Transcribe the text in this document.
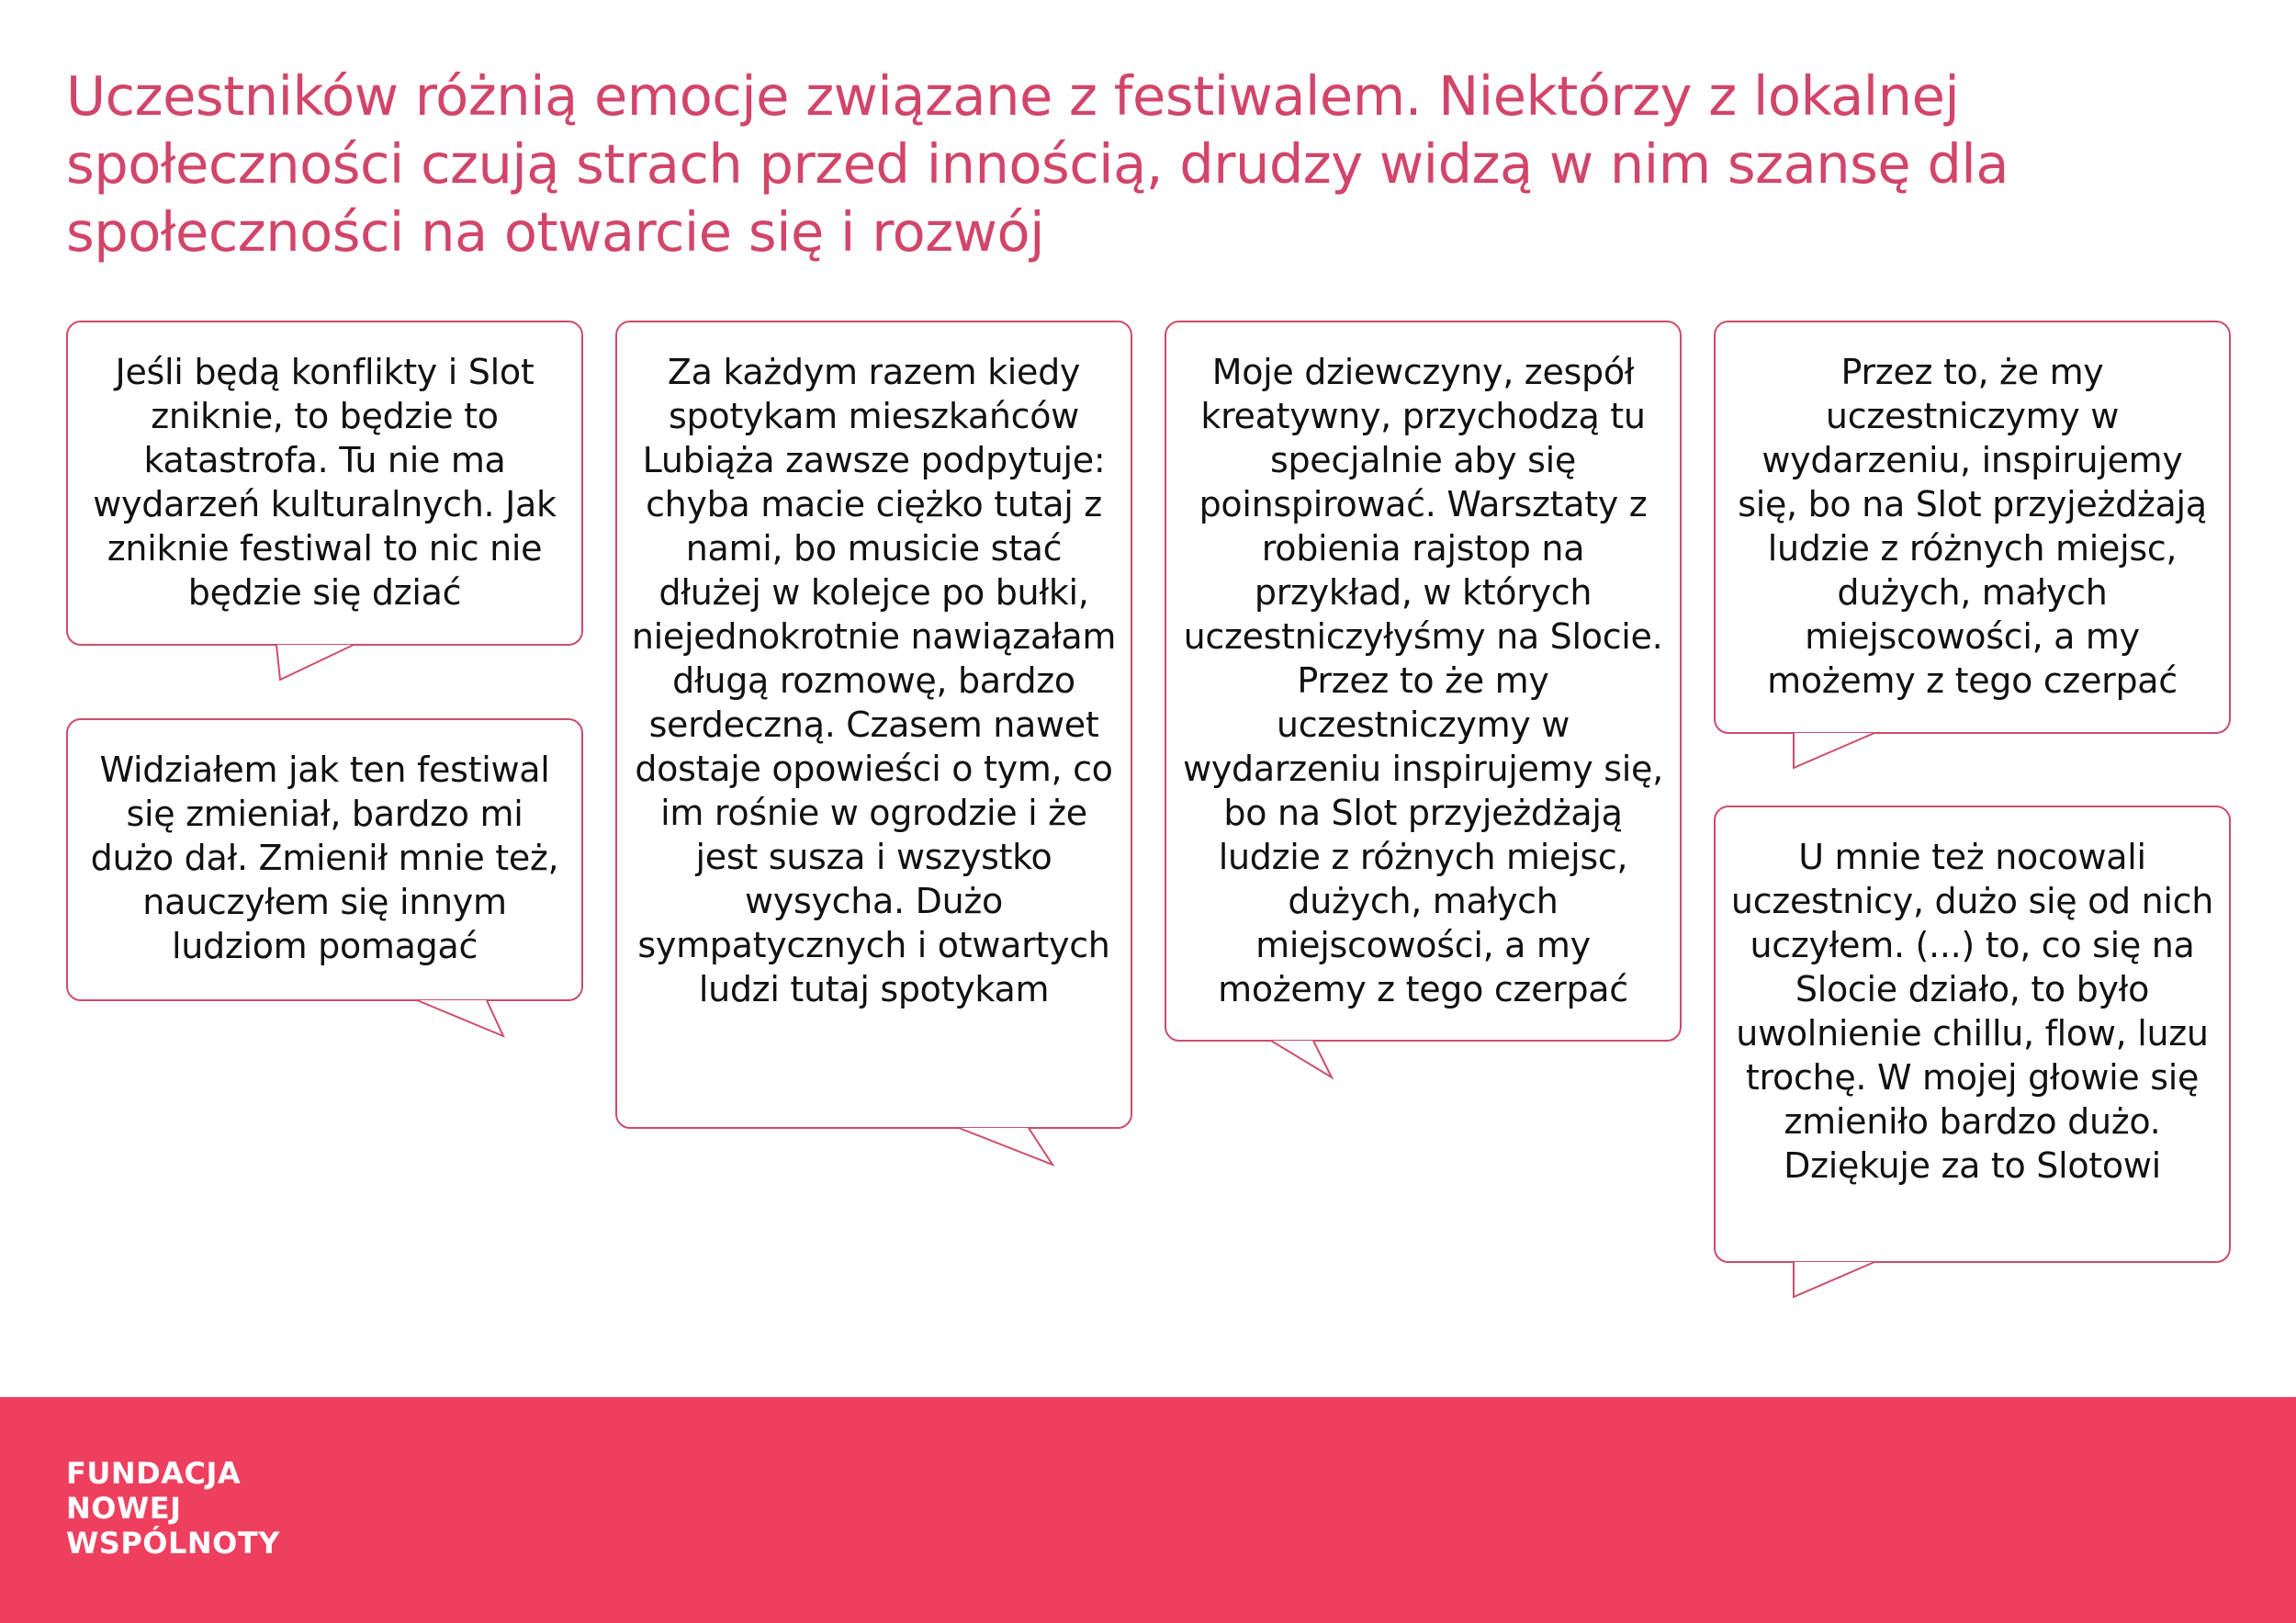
Uczestników różnią emocje związane z festiwalem. Niektórzy z lokalnej społeczności czują strach przed innością, drudzy widzą w nim szansę dla społeczności na otwarcie się i rozwój

Jeśli będą konflikty i Slot zniknie, to będzie to katastrofa. Tu nie ma wydarzeń kulturalnych. Jak zniknie festiwal to nic nie będzie się dziać

Widziałem jak ten festiwal się zmieniał, bardzo mi dużo dał. Zmienił mnie też, nauczyłem się innym ludziom pomagać

Za każdym razem kiedy spotykam mieszkańców Lubiąża zawsze podpytuje: chyba macie ciężko tutaj z nami, bo musicie stać dłużej w kolejce po bułki, niejednokrotnie nawiązałam długą rozmowę, bardzo serdeczną. Czasem nawet dostaje opowieści o tym, co im rośnie w ogrodzie i że jest susza i wszystko wysycha. Dużo sympatycznych i otwartych ludzi tutaj spotykam

Moje dziewczyny, zespół kreatywny, przychodzą tu specjalnie aby się poinspirować. Warsztaty z robienia rajstop na przykład, w których uczestniczyłyśmy na Slocie. Przez to że my uczestniczymy w wydarzeniu inspirujemy się, bo na Slot przyjeżdżają ludzie z różnych miejsc, dużych, małych miejscowości, a my możemy z tego czerpać

Przez to, że my uczestniczymy w wydarzeniu, inspirujemy się, bo na Slot przyjeżdżają ludzie z różnych miejsc, dużych, małych miejscowości, a my możemy z tego czerpać

U mnie też nocowali uczestnicy, dużo się od nich uczyłem. (...) to, co się na Slocie działo, to było uwolnienie chillu, flow, luzu trochę. W mojej głowie się zmieniło bardzo dużo. Dziękuje za to Slotowi

FUNDACJA
NOWEJ
WSPÓLNOTY
